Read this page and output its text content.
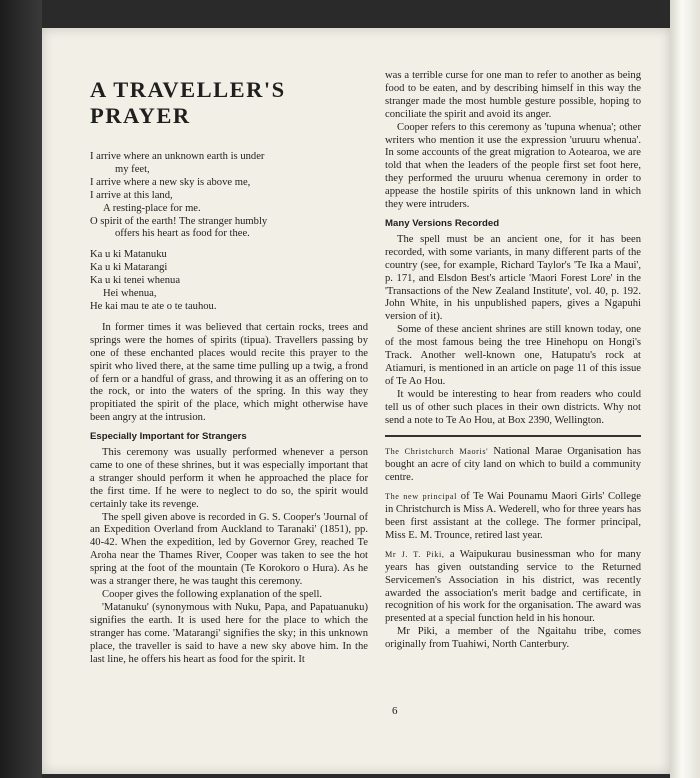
A TRAVELLER'S
PRAYER
I arrive where an unknown earth is under
my feet,
I arrive where a new sky is above me,
I arrive at this land,
A resting-place for me.
O spirit of the earth! The stranger humbly
offers his heart as food for thee.
Ka u ki Matanuku
Ka u ki Matarangi
Ka u ki tenei whenua
Hei whenua,
He kai mau te ate o te tauhou.

In former times it was believed that certain rocks, trees and springs were the homes of spirits (tipua). Travellers passing by one of these enchanted places would recite this prayer to the spirit who lived there, at the same time pulling up a twig, a frond of fern or a handful of grass, and throwing it as an offering on to the rock, or into the waters of the spring. In this way they propitiated the spirit of the place, which might otherwise have been angry at the intrusion.

Especially Important for Strangers

This ceremony was usually performed whenever a person came to one of these shrines, but it was especially important that a stranger should perform it when he approached the place for the first time. If he were to neglect to do so, the spirit would certainly take its revenge.

The spell given above is recorded in G. S. Cooper's 'Journal of an Expedition Overland from Auckland to Taranaki' (1851), pp. 40-42. When the expedition, led by Governor Grey, reached Te Aroha near the Thames River, Cooper was taken to see the hot spring at the foot of the mountain (Te Korokoro o Hura). As he was a stranger there, he was taught this ceremony.

Cooper gives the following explanation of the spell.

'Matanuku' (synonymous with Nuku, Papa, and Papatuanuku) signifies the earth. It is used here for the place to which the stranger has come. 'Matarangi' signifies the sky; in this unknown place, the traveller is said to have a new sky above him. In the last line, he offers his heart as food for the spirit. It

was a terrible curse for one man to refer to another as being food to be eaten, and by describing himself in this way the stranger made the most humble gesture possible, hoping to conciliate the spirit and avoid its anger.

Cooper refers to this ceremony as 'tupuna whenua'; other writers who mention it use the expression 'uruuru whenua'. In some accounts of the great migration to Aotearoa, we are told that when the leaders of the people first set foot here, they performed the uruuru whenua ceremony in order to appease the hostile spirits of this unknown land in which they were intruders.

Many Versions Recorded

The spell must be an ancient one, for it has been recorded, with some variants, in many different parts of the country (see, for example, Richard Taylor's 'Te Ika a Maui', p. 171, and Elsdon Best's article 'Maori Forest Lore' in the 'Transactions of the New Zealand Institute', vol. 40, p. 192. John White, in his unpublished papers, gives a Ngapuhi version of it).

Some of these ancient shrines are still known today, one of the most famous being the tree Hinehopu on Hongi's Track. Another well-known one, Hatupatu's rock at Atiamuri, is mentioned in an article on page 11 of this issue of Te Ao Hou.

It would be interesting to hear from readers who could tell us of other such places in their own districts. Why not send a note to Te Ao Hou, at Box 2390, Wellington.

The Christchurch Maoris' National Marae Organisation has bought an acre of city land on which to build a community centre.

The new principal of Te Wai Pounamu Maori Girls' College in Christchurch is Miss A. Wederell, who for three years has been first assistant at the college. The former principal, Miss E. M. Trounce, retired last year.

Mr J. T. Piki, a Waipukurau businessman who for many years has given outstanding service to the Returned Servicemen's Association in his district, was recently awarded the association's merit badge and certificate, in recognition of his work for the organisation. The award was presented at a special function held in his honour.

Mr Piki, a member of the Ngaitahu tribe, comes originally from Tuahiwi, North Canterbury.

6
